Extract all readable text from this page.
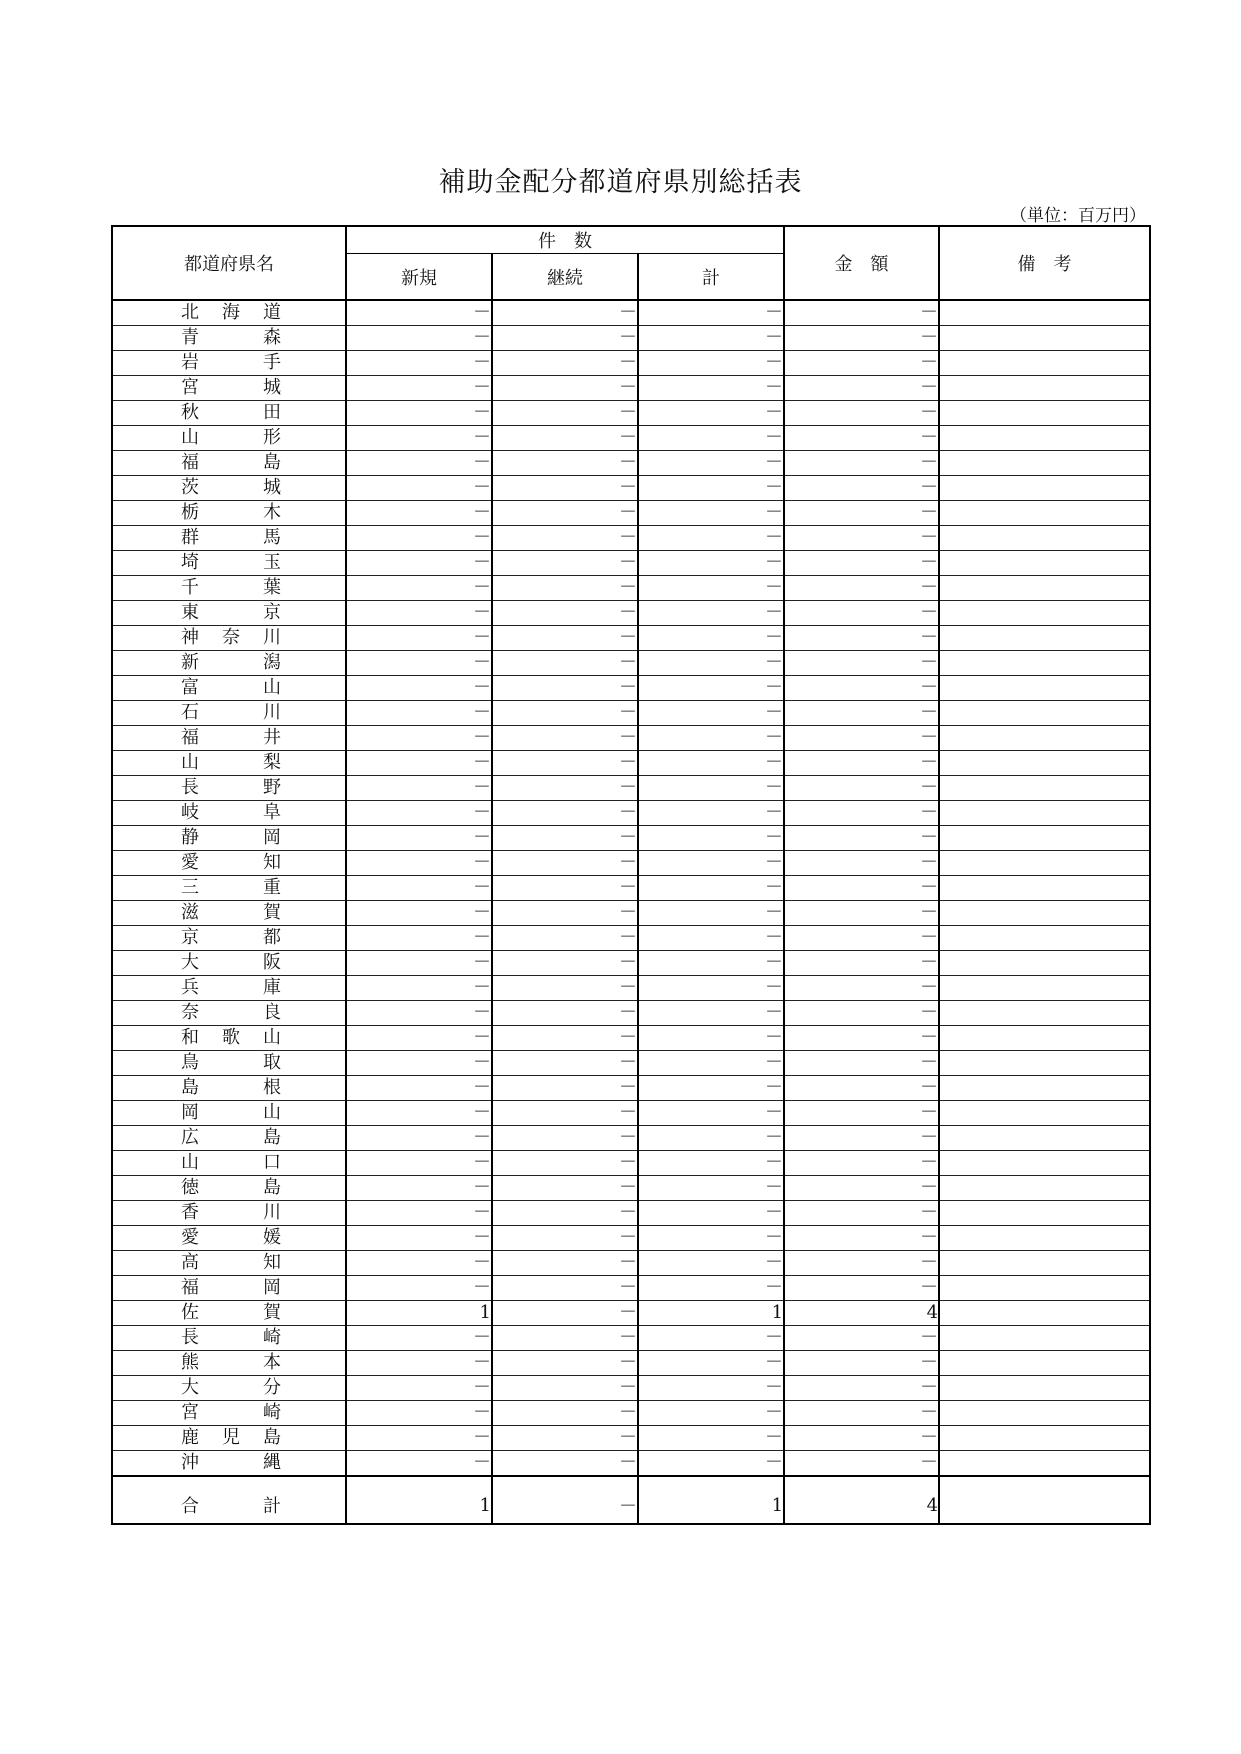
補助金配分都道府県別総括表
（単位：百万円）
都道府県名	件　数			金　額	備　考
	新規	継続	計		

北 海 道	－	－	－	－	

青 森	－	－	－	－	

岩 手	－	－	－	－	

宮 城	－	－	－	－	

秋 田	－	－	－	－	

山 形	－	－	－	－	

福 島	－	－	－	－	

茨 城	－	－	－	－	

栃 木	－	－	－	－	

群 馬	－	－	－	－	

埼 玉	－	－	－	－	

千 葉	－	－	－	－	

東 京	－	－	－	－	

神 奈 川	－	－	－	－	

新 潟	－	－	－	－	

富 山	－	－	－	－	

石 川	－	－	－	－	

福 井	－	－	－	－	

山 梨	－	－	－	－	

長 野	－	－	－	－	

岐 阜	－	－	－	－	

静 岡	－	－	－	－	

愛 知	－	－	－	－	

三 重	－	－	－	－	

滋 賀	－	－	－	－	

京 都	－	－	－	－	

大 阪	－	－	－	－	

兵 庫	－	－	－	－	

奈 良	－	－	－	－	

和 歌 山	－	－	－	－	

鳥 取	－	－	－	－	

島 根	－	－	－	－	

岡 山	－	－	－	－	

広 島	－	－	－	－	

山 口	－	－	－	－	

徳 島	－	－	－	－	

香 川	－	－	－	－	

愛 媛	－	－	－	－	

高 知	－	－	－	－	

福 岡	－	－	－	－	

佐 賀	1	－	1	4	

長 崎	－	－	－	－	

熊 本	－	－	－	－	

大 分	－	－	－	－	

宮 崎	－	－	－	－	

鹿 児 島	－	－	－	－	

沖 縄	－	－	－	－	

合 計	1	－	1	4	
